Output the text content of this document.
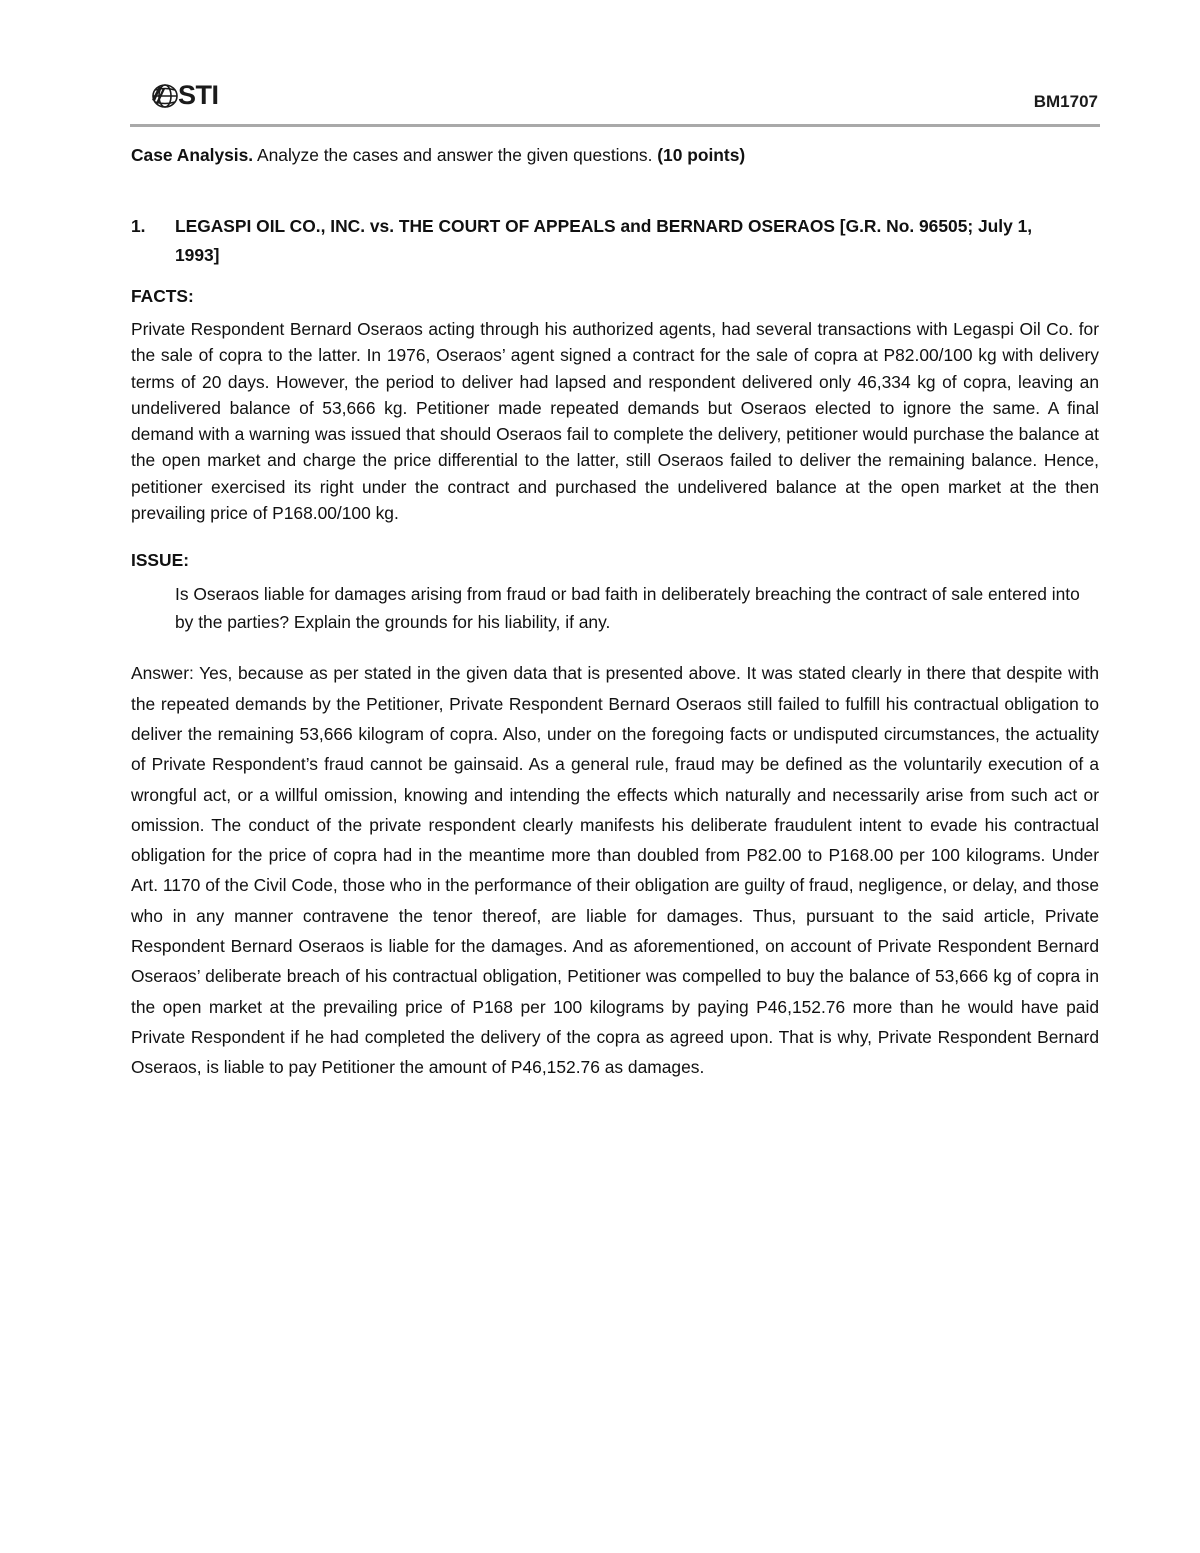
STI	BM1707

Case Analysis. Analyze the cases and answer the given questions. (10 points)

1.	LEGASPI OIL CO., INC. vs. THE COURT OF APPEALS and BERNARD OSERAOS [G.R. No. 96505; July 1, 1993]
FACTS:

Private Respondent Bernard Oseraos acting through his authorized agents, had several transactions with Legaspi Oil Co. for the sale of copra to the latter. In 1976, Oseraos’ agent signed a contract for the sale of copra at P82.00/100 kg with delivery terms of 20 days. However, the period to deliver had lapsed and respondent delivered only 46,334 kg of copra, leaving an undelivered balance of 53,666 kg. Petitioner made repeated demands but Oseraos elected to ignore the same. A final demand with a warning was issued that should Oseraos fail to complete the delivery, petitioner would purchase the balance at the open market and charge the price differential to the latter, still Oseraos failed to deliver the remaining balance. Hence, petitioner exercised its right under the contract and purchased the undelivered balance at the open market at the then prevailing price of P168.00/100 kg.

ISSUE:

Is Oseraos liable for damages arising from fraud or bad faith in deliberately breaching the contract of sale entered into by the parties? Explain the grounds for his liability, if any.

Answer: Yes, because as per stated in the given data that is presented above. It was stated clearly in there that despite with the repeated demands by the Petitioner, Private Respondent Bernard Oseraos still failed to fulfill his contractual obligation to deliver the remaining 53,666 kilogram of copra. Also, under on the foregoing facts or undisputed circumstances, the actuality of Private Respondent’s fraud cannot be gainsaid. As a general rule, fraud may be defined as the voluntarily execution of a wrongful act, or a willful omission, knowing and intending the effects which naturally and necessarily arise from such act or omission. The conduct of the private respondent clearly manifests his deliberate fraudulent intent to evade his contractual obligation for the price of copra had in the meantime more than doubled from P82.00 to P168.00 per 100 kilograms. Under Art. 1170 of the Civil Code, those who in the performance of their obligation are guilty of fraud, negligence, or delay, and those who in any manner contravene the tenor thereof, are liable for damages. Thus, pursuant to the said article, Private Respondent Bernard Oseraos is liable for the damages. And as aforementioned, on account of Private Respondent Bernard Oseraos’ deliberate breach of his contractual obligation, Petitioner was compelled to buy the balance of 53,666 kg of copra in the open market at the prevailing price of P168 per 100 kilograms by paying P46,152.76 more than he would have paid Private Respondent if he had completed the delivery of the copra as agreed upon. That is why, Private Respondent Bernard Oseraos, is liable to pay Petitioner the amount of P46,152.76 as damages.
